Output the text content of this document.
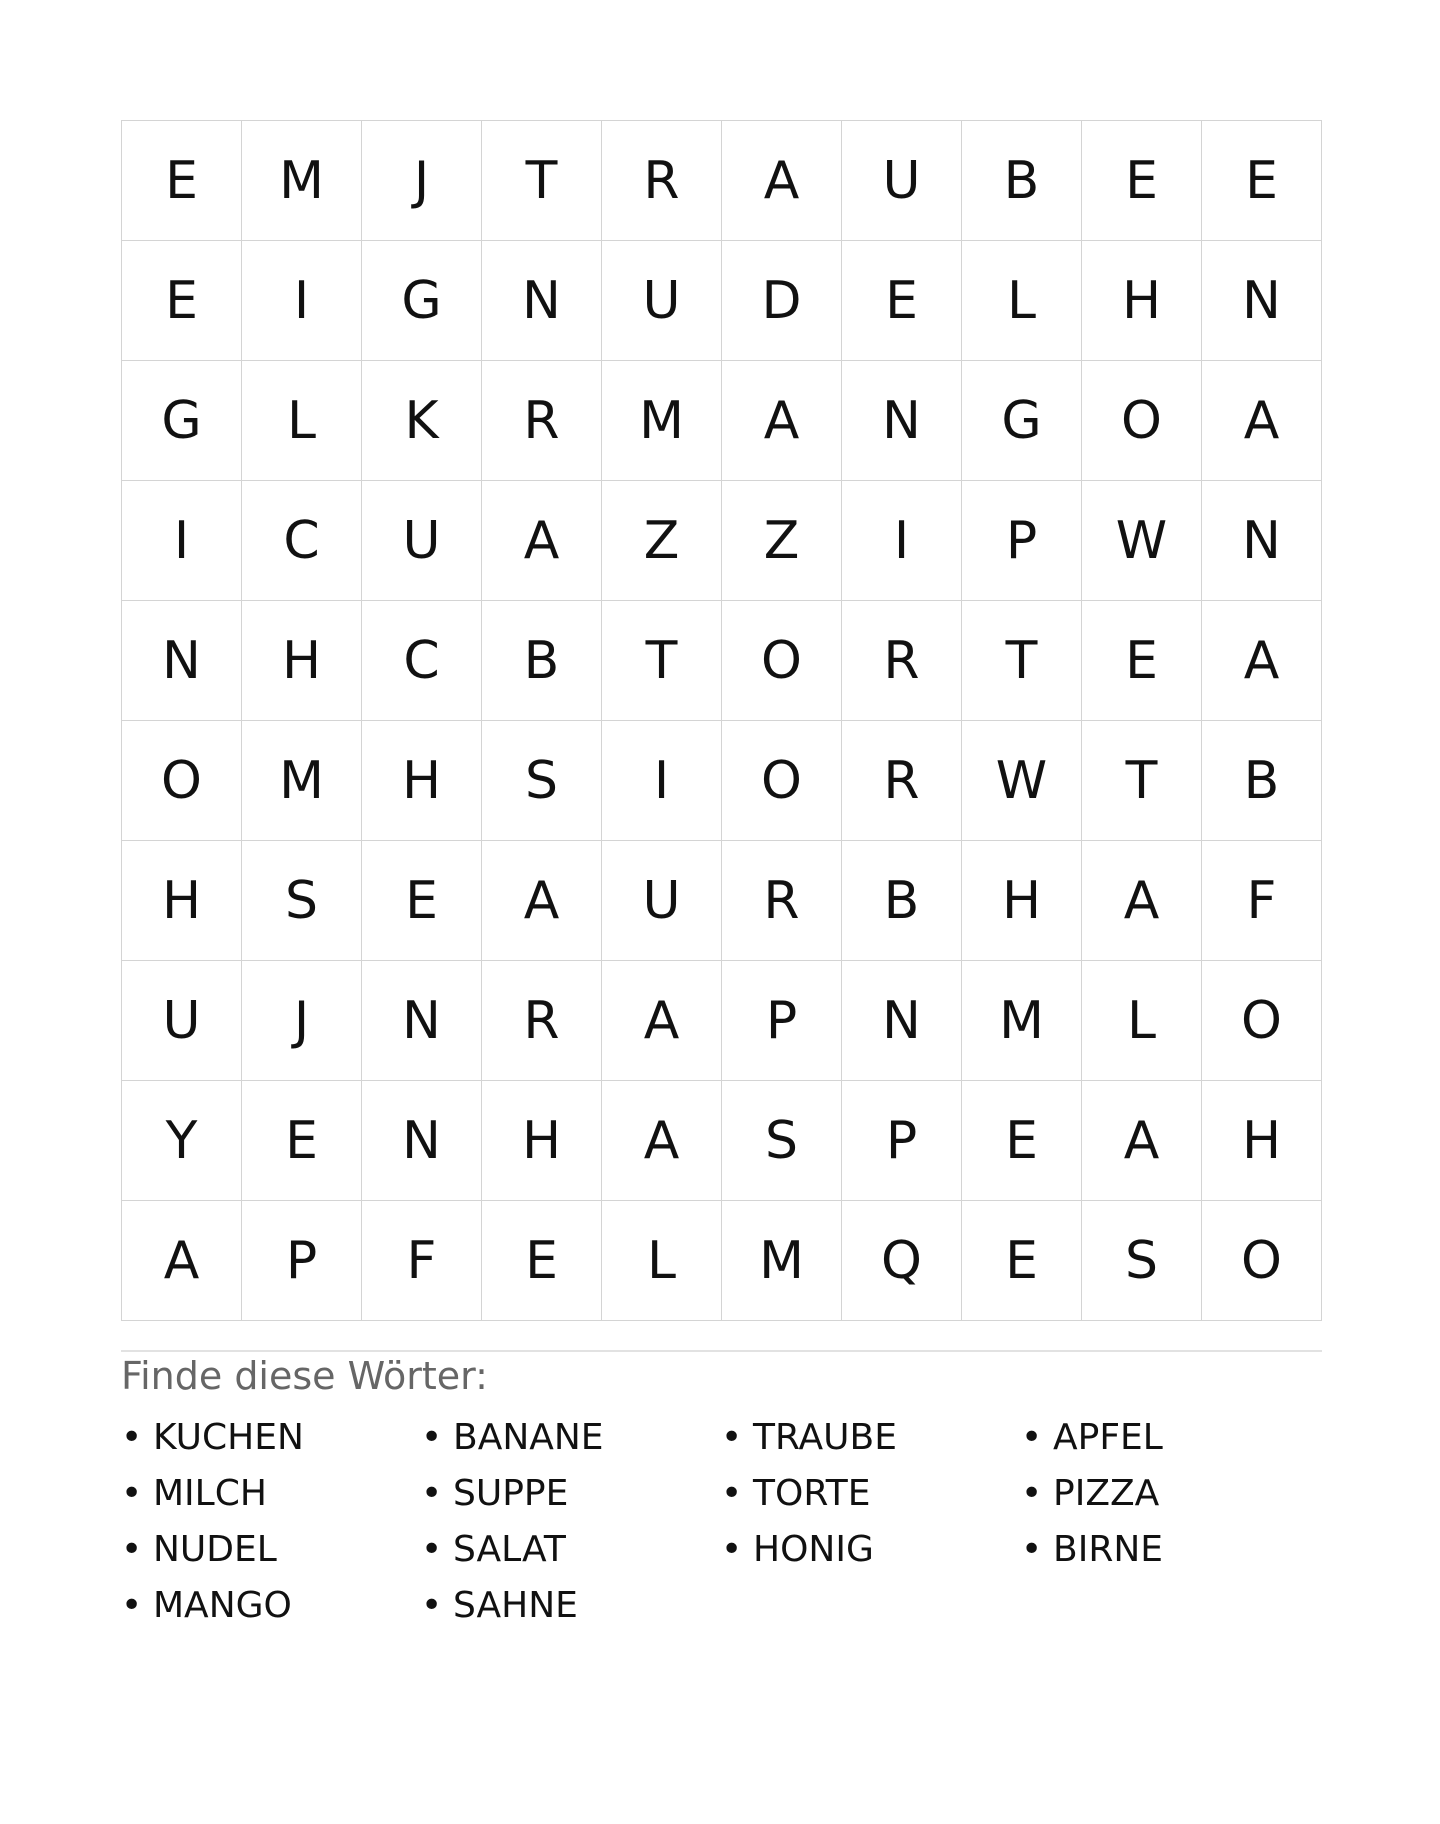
E	M	J	T	R	A	U	B	E	E
E	I	G	N	U	D	E	L	H	N
G	L	K	R	M	A	N	G	O	A
I	C	U	A	Z	Z	I	P	W	N
N	H	C	B	T	O	R	T	E	A
O	M	H	S	I	O	R	W	T	B
H	S	E	A	U	R	B	H	A	F
U	J	N	R	A	P	N	M	L	O
Y	E	N	H	A	S	P	E	A	H
A	P	F	E	L	M	Q	E	S	O
Finde diese Wörter:
• KUCHEN	• BANANE	• TRAUBE	• APFEL
• MILCH	• SUPPE	• TORTE	• PIZZA
• NUDEL	• SALAT	• HONIG	• BIRNE
• MANGO	• SAHNE
